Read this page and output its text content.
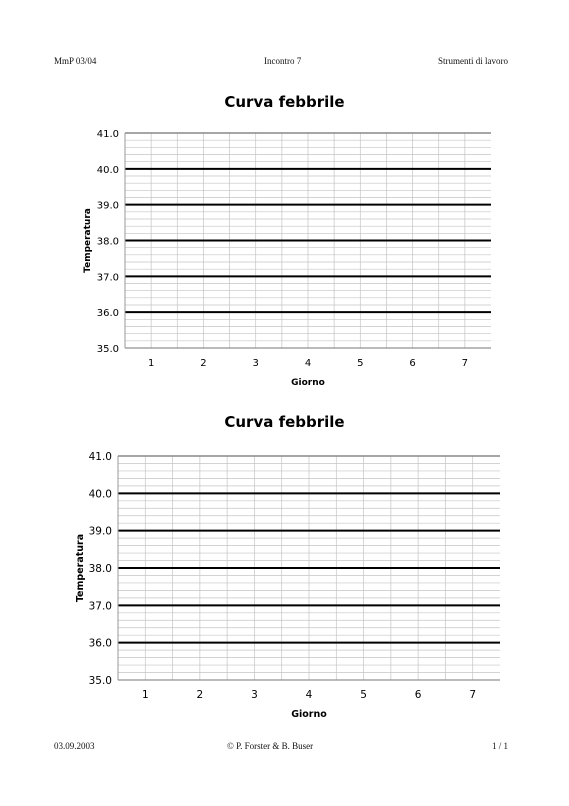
MmP 03/04	Incontro 7	Strumenti di lavoro
Curva febbrile
35.0
36.0
37.0
38.0
39.0
40.0
41.0
1	2	3	4	5	6	7
Giorno
Temperatura
Curva febbrile
35.0
36.0
37.0
38.0
39.0
40.0
41.0
1	2	3	4	5	6	7
Giorno
Temperatura
03.09.2003	© P. Forster & B. Buser	1 / 1
